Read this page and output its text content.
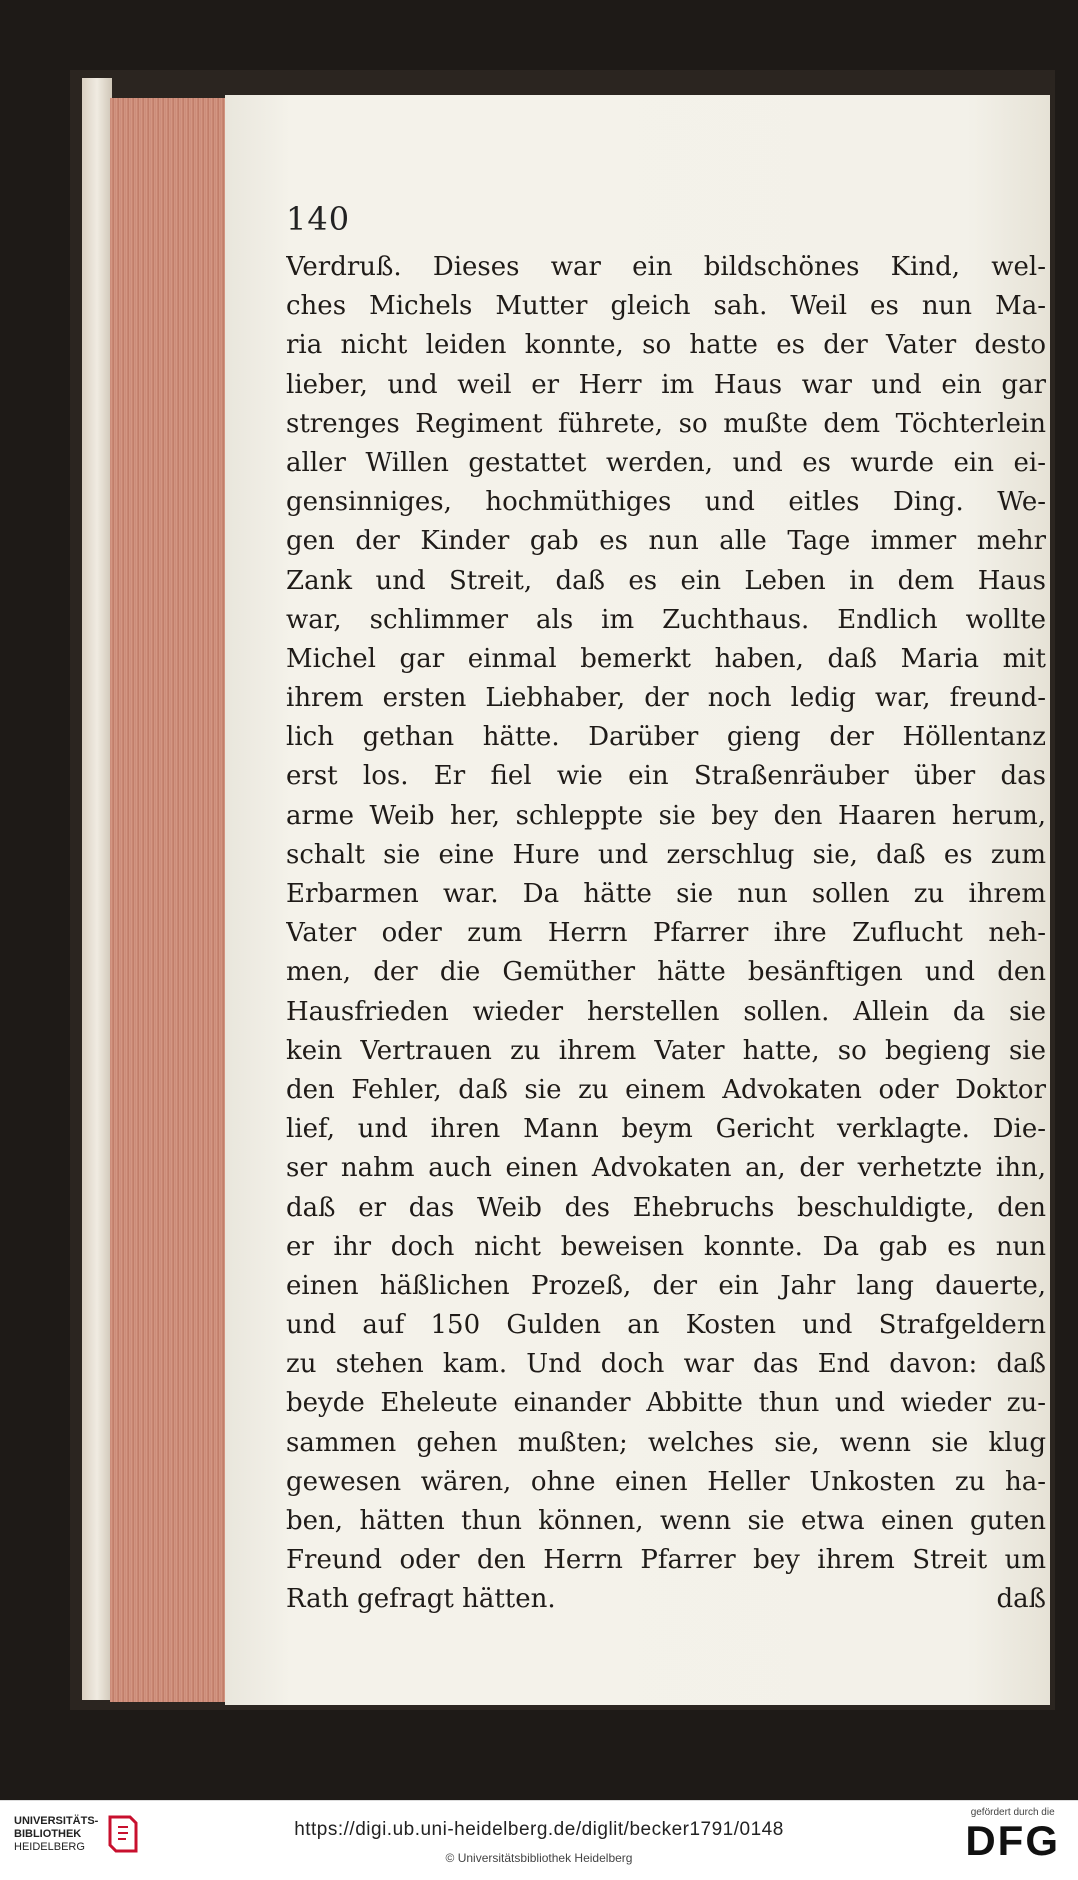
140
Verdruß. Dieses war ein bildschönes Kind, wel-
ches Michels Mutter gleich sah. Weil es nun Ma-
ria nicht leiden konnte, so hatte es der Vater desto
lieber, und weil er Herr im Haus war und ein gar
strenges Regiment führete, so mußte dem Töchterlein
aller Willen gestattet werden, und es wurde ein ei-
gensinniges, hochmüthiges und eitles Ding. We-
gen der Kinder gab es nun alle Tage immer mehr
Zank und Streit, daß es ein Leben in dem Haus
war, schlimmer als im Zuchthaus. Endlich wollte
Michel gar einmal bemerkt haben, daß Maria mit
ihrem ersten Liebhaber, der noch ledig war, freund-
lich gethan hätte. Darüber gieng der Höllentanz
erst los. Er fiel wie ein Straßenräuber über das
arme Weib her, schleppte sie bey den Haaren herum,
schalt sie eine Hure und zerschlug sie, daß es zum
Erbarmen war. Da hätte sie nun sollen zu ihrem
Vater oder zum Herrn Pfarrer ihre Zuflucht neh-
men, der die Gemüther hätte besänftigen und den
Hausfrieden wieder herstellen sollen. Allein da sie
kein Vertrauen zu ihrem Vater hatte, so begieng sie
den Fehler, daß sie zu einem Advokaten oder Doktor
lief, und ihren Mann beym Gericht verklagte. Die-
ser nahm auch einen Advokaten an, der verhetzte ihn,
daß er das Weib des Ehebruchs beschuldigte, den
er ihr doch nicht beweisen konnte. Da gab es nun
einen häßlichen Prozeß, der ein Jahr lang dauerte,
und auf 150 Gulden an Kosten und Strafgeldern
zu stehen kam. Und doch war das End davon: daß
beyde Eheleute einander Abbitte thun und wieder zu-
sammen gehen mußten; welches sie, wenn sie klug
gewesen wären, ohne einen Heller Unkosten zu ha-
ben, hätten thun können, wenn sie etwa einen guten
Freund oder den Herrn Pfarrer bey ihrem Streit um
Rath gefragt hätten.	daß
UNIVERSITÄTS-
BIBLIOTHEK
HEIDELBERG
https://digi.ub.uni-heidelberg.de/diglit/becker1791/0148
© Universitätsbibliothek Heidelberg
gefördert durch die
DFG
